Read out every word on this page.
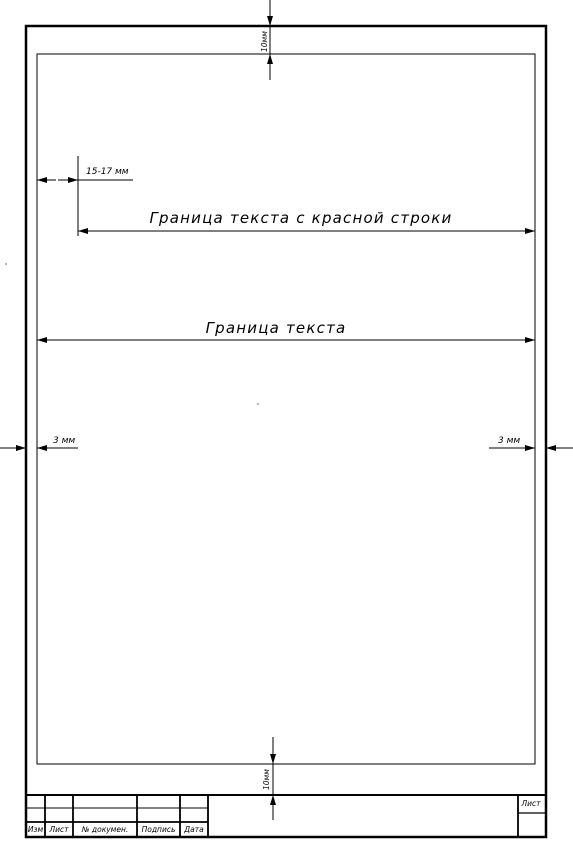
10мм
10мм
15-17 мм
Граница текста с красной строки
Граница текста
3 мм	3 мм
Изм Лист № докумен. Подпись Дата
Лист
